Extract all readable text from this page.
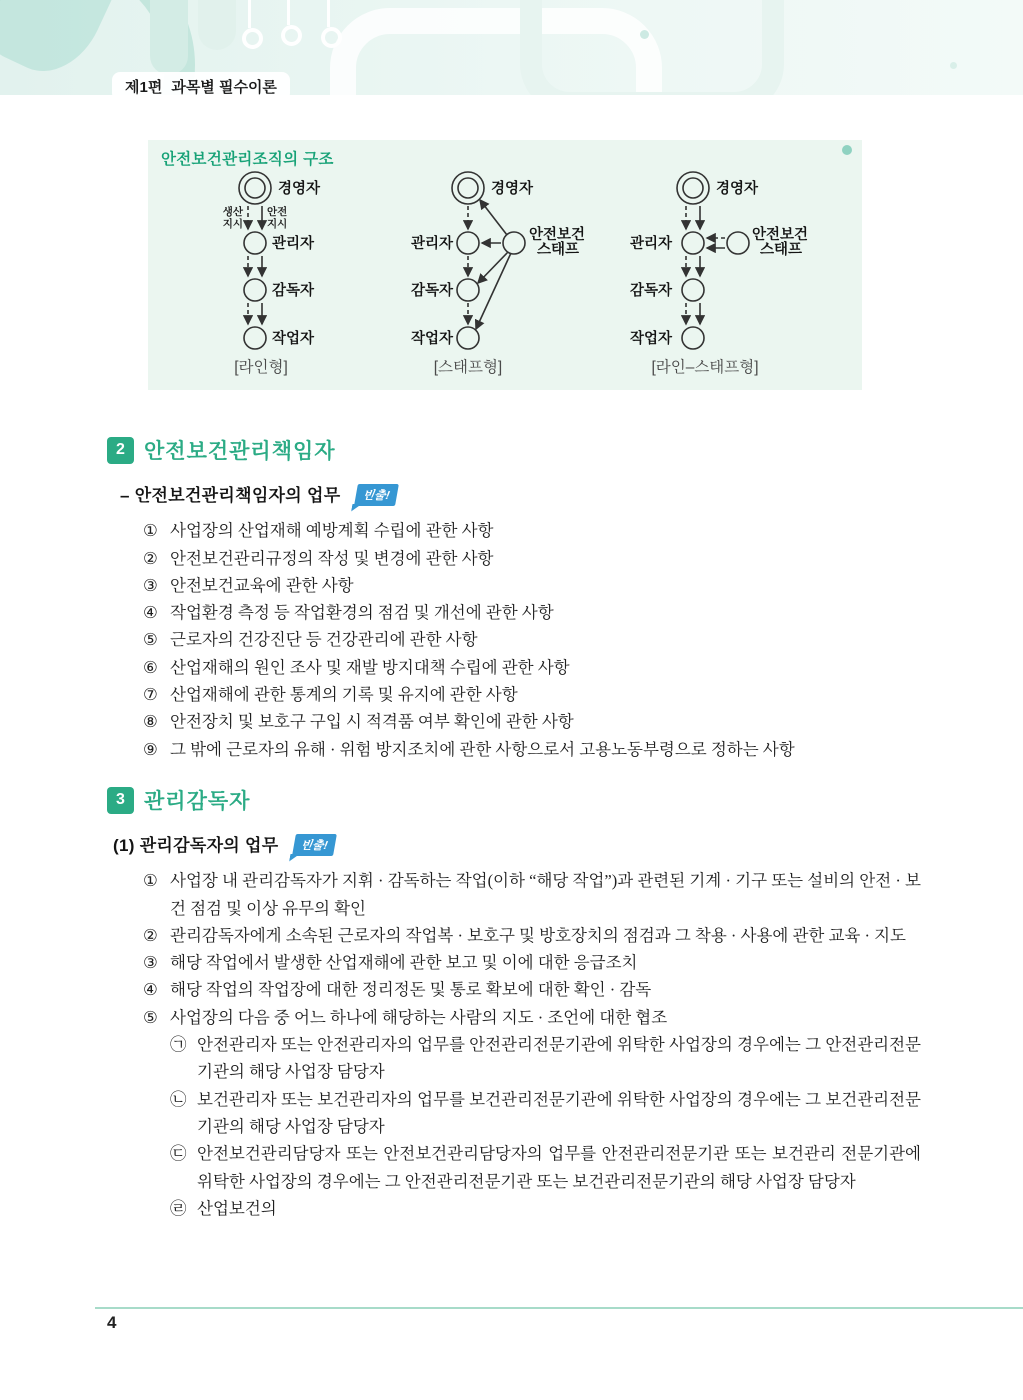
제1편 과목별 필수이론
안전보건관리조직의 구조
경영자
관리자
감독자
작업자
생산
지시
안전
지시
[라인형]
경영자
관리자
감독자
작업자
안전보건
스태프
[스태프형]
경영자
관리자
감독자
작업자
안전보건
스태프
[라인–스태프형]
2 안전보건관리책임자
– 안전보건관리책임자의 업무 빈출!
① 사업장의 산업재해 예방계획 수립에 관한 사항
② 안전보건관리규정의 작성 및 변경에 관한 사항
③ 안전보건교육에 관한 사항
④ 작업환경 측정 등 작업환경의 점검 및 개선에 관한 사항
⑤ 근로자의 건강진단 등 건강관리에 관한 사항
⑥ 산업재해의 원인 조사 및 재발 방지대책 수립에 관한 사항
⑦ 산업재해에 관한 통계의 기록 및 유지에 관한 사항
⑧ 안전장치 및 보호구 구입 시 적격품 여부 확인에 관한 사항
⑨ 그 밖에 근로자의 유해 · 위험 방지조치에 관한 사항으로서 고용노동부령으로 정하는 사항
3 관리감독자
(1) 관리감독자의 업무 빈출!
① 사업장 내 관리감독자가 지휘 · 감독하는 작업(이하 “해당 작업”)과 관련된 기계 · 기구 또는 설비의 안전 · 보건 점검 및 이상 유무의 확인
② 관리감독자에게 소속된 근로자의 작업복 · 보호구 및 방호장치의 점검과 그 착용 · 사용에 관한 교육 · 지도
③ 해당 작업에서 발생한 산업재해에 관한 보고 및 이에 대한 응급조치
④ 해당 작업의 작업장에 대한 정리정돈 및 통로 확보에 대한 확인 · 감독
⑤ 사업장의 다음 중 어느 하나에 해당하는 사람의 지도 · 조언에 대한 협조
㉠ 안전관리자 또는 안전관리자의 업무를 안전관리전문기관에 위탁한 사업장의 경우에는 그 안전관리전문기관의 해당 사업장 담당자
㉡ 보건관리자 또는 보건관리자의 업무를 보건관리전문기관에 위탁한 사업장의 경우에는 그 보건관리전문기관의 해당 사업장 담당자
㉢ 안전보건관리담당자 또는 안전보건관리담당자의 업무를 안전관리전문기관 또는 보건관리 전문기관에 위탁한 사업장의 경우에는 그 안전관리전문기관 또는 보건관리전문기관의 해당 사업장 담당자
㉣ 산업보건의
4
